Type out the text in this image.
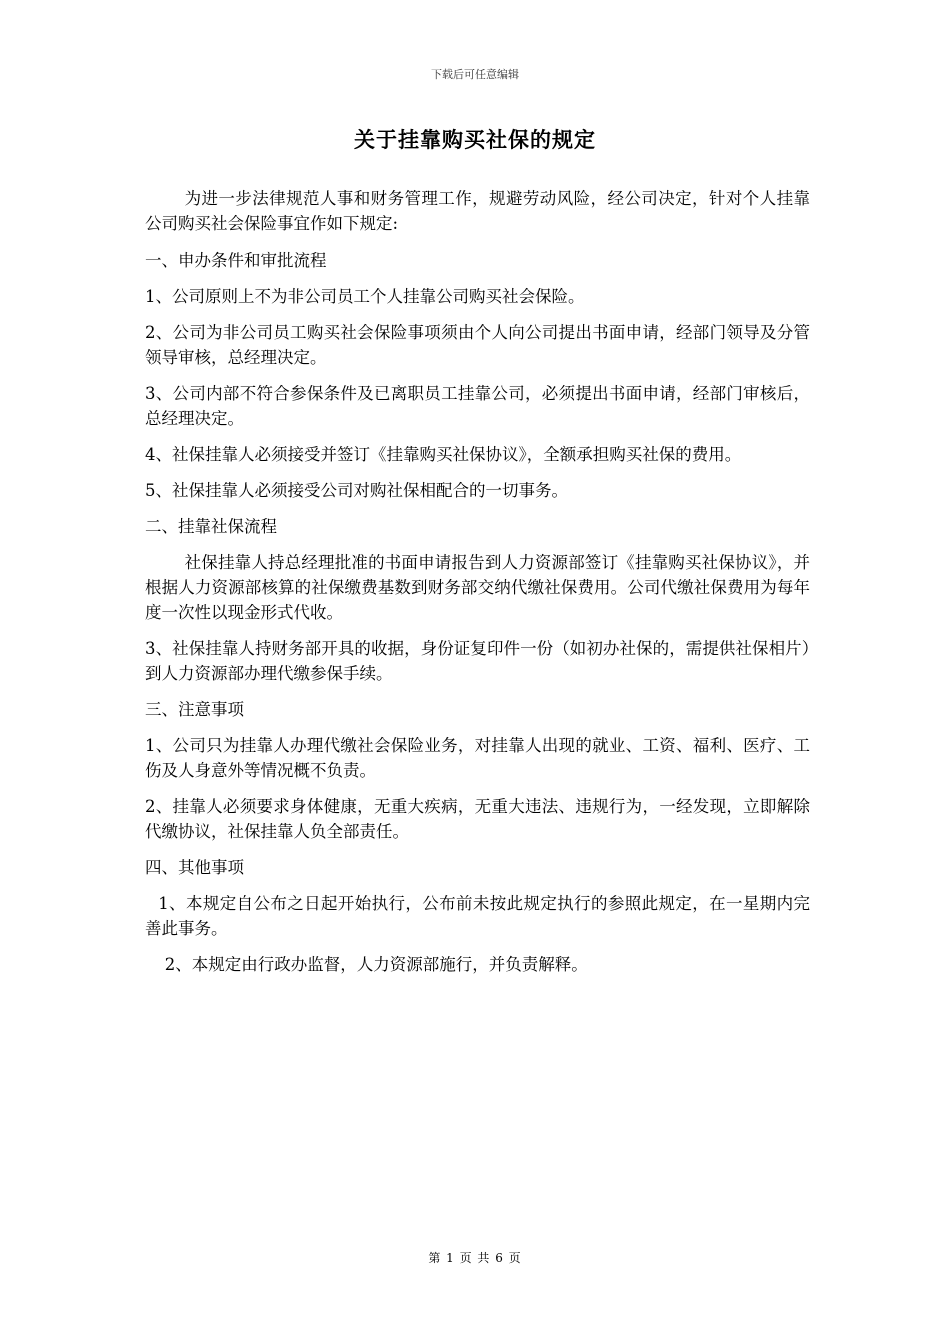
下载后可任意编辑
关于挂靠购买社保的规定

为进一步法律规范人事和财务管理工作，规避劳动风险，经公司决定，针对个人挂靠公司购买社会保险事宜作如下规定:

一、申办条件和审批流程

1、公司原则上不为非公司员工个人挂靠公司购买社会保险。

2、公司为非公司员工购买社会保险事项须由个人向公司提出书面申请，经部门领导及分管领导审核，总经理决定。

3、公司内部不符合参保条件及已离职员工挂靠公司，必须提出书面申请，经部门审核后，总经理决定。

4、社保挂靠人必须接受并签订《挂靠购买社保协议》，全额承担购买社保的费用。

5、社保挂靠人必须接受公司对购社保相配合的一切事务。

二、挂靠社保流程

社保挂靠人持总经理批准的书面申请报告到人力资源部签订《挂靠购买社保协议》，并根据人力资源部核算的社保缴费基数到财务部交纳代缴社保费用。公司代缴社保费用为每年度一次性以现金形式代收。

3、社保挂靠人持财务部开具的收据，身份证复印件一份（如初办社保的，需提供社保相片）到人力资源部办理代缴参保手续。

三、注意事项

1、公司只为挂靠人办理代缴社会保险业务，对挂靠人出现的就业、工资、福利、医疗、工伤及人身意外等情况概不负责。

2、挂靠人必须要求身体健康，无重大疾病，无重大违法、违规行为，一经发现，立即解除代缴协议，社保挂靠人负全部责任。

四、其他事项

1、本规定自公布之日起开始执行，公布前未按此规定执行的参照此规定，在一星期内完善此事务。

2、本规定由行政办监督，人力资源部施行，并负责解释。

第 1 页 共 6 页
